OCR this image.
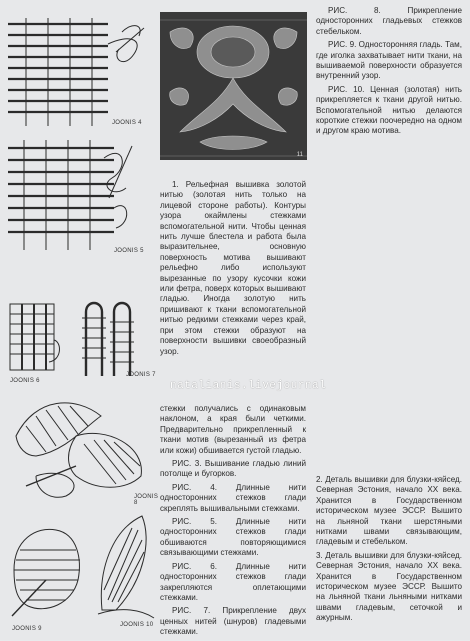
JOONIS 4
JOONIS 5
JOONIS 6
JOONIS 7
JOONIS 8
JOONIS 9
JOONIS 10
11

1. Рельефная вышивка золотой нитью (золотая нить только на лицевой стороне работы). Контуры узора окаймлены стежками вспомогательной нити. Чтобы ценная нить лучше блестела и работа была выразительнее, основную поверхность мотива вышивают рельефно либо используют вырезанные по узору кусочки кожи или фетра, поверх которых вышивают гладью. Иногда золотую нить пришивают к ткани вспомогательной нитью редкими стежками через край, при этом стежки образуют на поверхности вышивки своеобразный узор.

natalianis.livejournal

стежки получались с одинаковым наклоном, а края были четкими. Предварительно прикрепленный к ткани мотив (вырезанный из фетра или кожи) обшивается густой гладью.

РИС. 3. Вышивание гладью линий потолще и бугорков.

РИС. 4. Длинные нити односторонних стежков глади скреплять вышивальными стежками.

РИС. 5. Длинные нити односторонних стежков глади обшиваются повторяющимися связывающими стежками.

РИС. 6. Длинные нити односторонних стежков глади закрепляются оплетающими стежками.

РИС. 7. Прикрепление двух ценных нитей (шнуров) гладевыми стежками.

РИС. 8. Прикрепление односторонних гладьевых стежков стебельком.

РИС. 9. Односторонняя гладь. Там, где иголка захватывает нити ткани, на вышиваемой поверхности образуется внутренний узор.

РИС. 10. Ценная (золотая) нить прикрепляется к ткани другой нитью. Вспомогательной нитью делаются короткие стежки поочередно на одном и другом краю мотива.

2. Деталь вышивки для блузки-кяйсед. Северная Эстония, начало XX века. Хранится в Государственном историческом музее ЭССР. Вышито на льняной ткани шерстяными нитками швами связывающим, гладевым и стебельком.

3. Деталь вышивки для блузки-кяйсед. Северная Эстония, начало XX века. Хранится в Государственном историческом музее ЭССР. Вышито на льняной ткани льняными нитками швами гладевым, сеточкой и ажурным.
